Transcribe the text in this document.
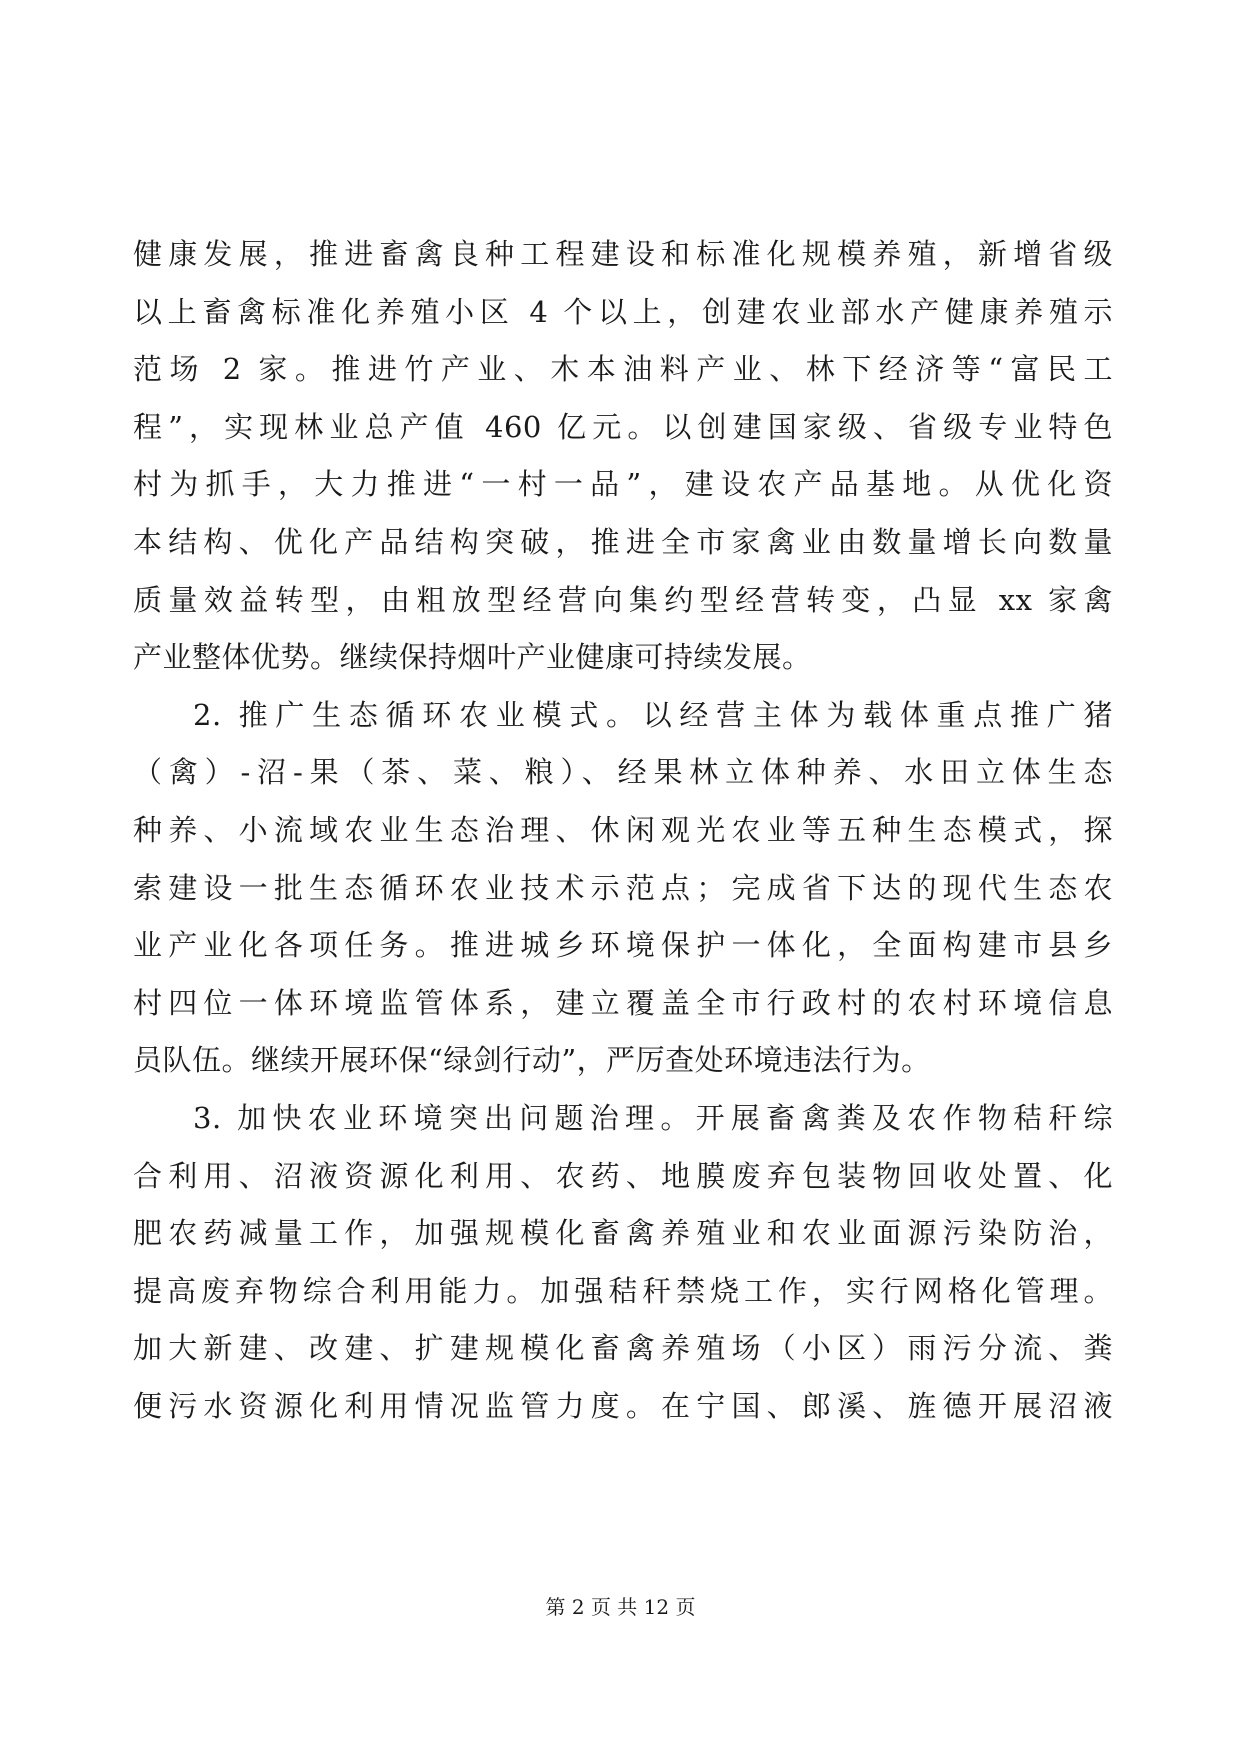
健康发展，推进畜禽良种工程建设和标准化规模养殖，新增省级
以上畜禽标准化养殖小区 4 个以上，创建农业部水产健康养殖示
范场 2 家。推进竹产业、木本油料产业、林下经济等“富民工
程”，实现林业总产值 460 亿元。以创建国家级、省级专业特色
村为抓手，大力推进“一村一品”，建设农产品基地。从优化资
本结构、优化产品结构突破，推进全市家禽业由数量增长向数量
质量效益转型，由粗放型经营向集约型经营转变，凸显 xx 家禽
产业整体优势。继续保持烟叶产业健康可持续发展。
2. 推广生态循环农业模式。以经营主体为载体重点推广猪
（禽）-沼-果（茶、菜、粮）、经果林立体种养、水田立体生态
种养、小流域农业生态治理、休闲观光农业等五种生态模式，探
索建设一批生态循环农业技术示范点；完成省下达的现代生态农
业产业化各项任务。推进城乡环境保护一体化，全面构建市县乡
村四位一体环境监管体系，建立覆盖全市行政村的农村环境信息
员队伍。继续开展环保“绿剑行动”，严厉查处环境违法行为。
3. 加快农业环境突出问题治理。开展畜禽粪及农作物秸秆综
合利用、沼液资源化利用、农药、地膜废弃包装物回收处置、化
肥农药减量工作，加强规模化畜禽养殖业和农业面源污染防治，
提高废弃物综合利用能力。加强秸秆禁烧工作，实行网格化管理。
加大新建、改建、扩建规模化畜禽养殖场（小区）雨污分流、粪
便污水资源化利用情况监管力度。在宁国、郎溪、旌德开展沼液
第 2 页 共 12 页
